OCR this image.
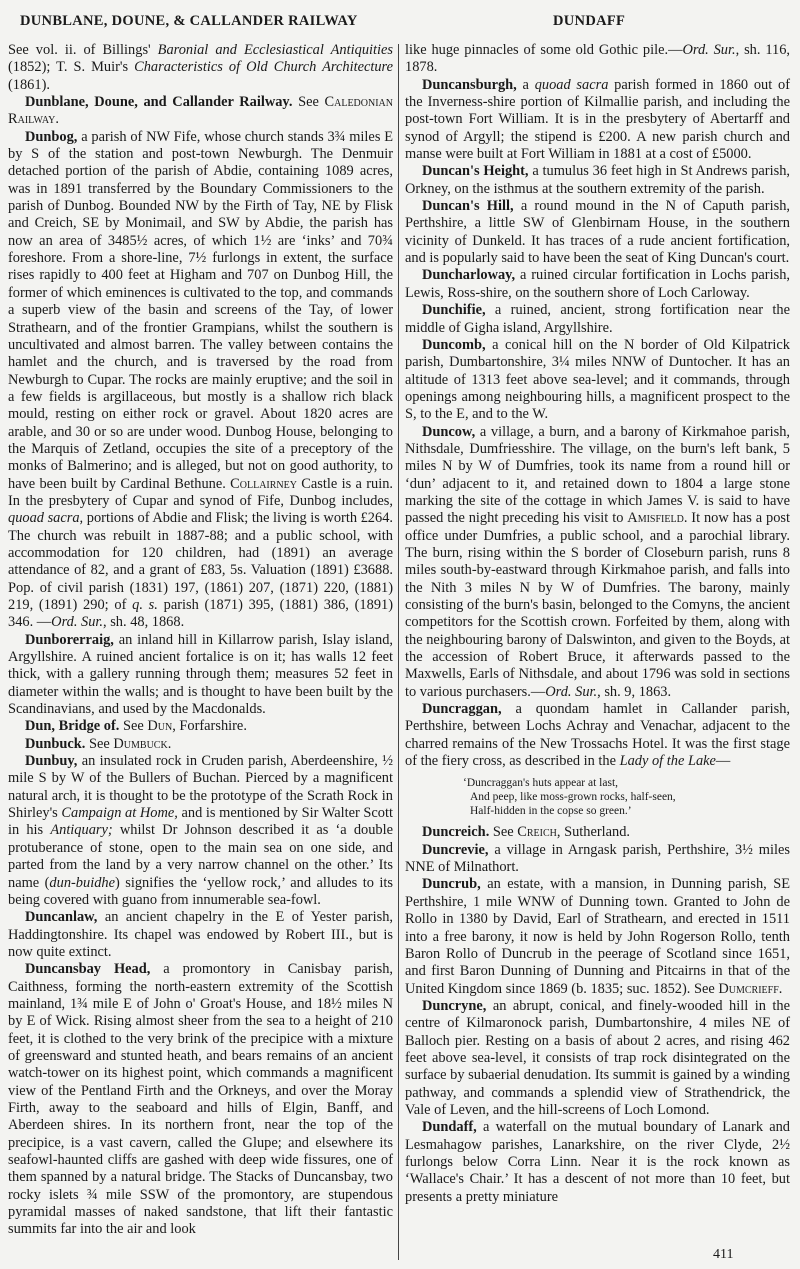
DUNBLANE, DOUNE, & CALLANDER RAILWAY	DUNDAFF

See vol. ii. of Billings' Baronial and Ecclesiastical Antiquities (1852); T. S. Muir's Characteristics of Old Church Architecture (1861).

Dunblane, Doune, and Callander Railway. See Caledonian Railway.

Dunbog, a parish of NW Fife, whose church stands 3¾ miles E by S of the station and post-town Newburgh. The Denmuir detached portion of the parish of Abdie, containing 1089 acres, was in 1891 transferred by the Boundary Commissioners to the parish of Dunbog. Bounded NW by the Firth of Tay, NE by Flisk and Creich, SE by Monimail, and SW by Abdie, the parish has now an area of 3485½ acres, of which 1½ are ‘inks’ and 70¾ foreshore. From a shore-line, 7½ furlongs in extent, the surface rises rapidly to 400 feet at Higham and 707 on Dunbog Hill, the former of which eminences is cultivated to the top, and commands a superb view of the basin and screens of the Tay, of lower Strathearn, and of the frontier Grampians, whilst the southern is uncultivated and almost barren. The valley between contains the hamlet and the church, and is traversed by the road from Newburgh to Cupar. The rocks are mainly eruptive; and the soil in a few fields is argillaceous, but mostly is a shallow rich black mould, resting on either rock or gravel. About 1820 acres are arable, and 30 or so are under wood. Dunbog House, belonging to the Marquis of Zetland, occupies the site of a preceptory of the monks of Balmerino; and is alleged, but not on good authority, to have been built by Cardinal Bethune. Collairney Castle is a ruin. In the presbytery of Cupar and synod of Fife, Dunbog includes, quoad sacra, portions of Abdie and Flisk; the living is worth £264. The church was rebuilt in 1887-88; and a public school, with accommodation for 120 children, had (1891) an average attendance of 82, and a grant of £83, 5s. Valuation (1891) £3688. Pop. of civil parish (1831) 197, (1861) 207, (1871) 220, (1881) 219, (1891) 290; of q. s. parish (1871) 395, (1881) 386, (1891) 346. —Ord. Sur., sh. 48, 1868.

Dunborerraig, an inland hill in Killarrow parish, Islay island, Argyllshire. A ruined ancient fortalice is on it; has walls 12 feet thick, with a gallery running through them; measures 52 feet in diameter within the walls; and is thought to have been built by the Scandinavians, and used by the Macdonalds.

Dun, Bridge of. See Dun, Forfarshire.

Dunbuck. See Dumbuck.

Dunbuy, an insulated rock in Cruden parish, Aberdeenshire, ½ mile S by W of the Bullers of Buchan. Pierced by a magnificent natural arch, it is thought to be the prototype of the Scrath Rock in Shirley's Campaign at Home, and is mentioned by Sir Walter Scott in his Antiquary; whilst Dr Johnson described it as ‘a double protuberance of stone, open to the main sea on one side, and parted from the land by a very narrow channel on the other.’ Its name (dun-buidhe) signifies the ‘yellow rock,’ and alludes to its being covered with guano from innumerable sea-fowl.

Duncanlaw, an ancient chapelry in the E of Yester parish, Haddingtonshire. Its chapel was endowed by Robert III., but is now quite extinct.

Duncansbay Head, a promontory in Canisbay parish, Caithness, forming the north-eastern extremity of the Scottish mainland, 1¾ mile E of John o' Groat's House, and 18½ miles N by E of Wick. Rising almost sheer from the sea to a height of 210 feet, it is clothed to the very brink of the precipice with a mixture of greensward and stunted heath, and bears remains of an ancient watch-tower on its highest point, which commands a magnificent view of the Pentland Firth and the Orkneys, and over the Moray Firth, away to the seaboard and hills of Elgin, Banff, and Aberdeen shires. In its northern front, near the top of the precipice, is a vast cavern, called the Glupe; and elsewhere its seafowl-haunted cliffs are gashed with deep wide fissures, one of them spanned by a natural bridge. The Stacks of Duncansbay, two rocky islets ¾ mile SSW of the promontory, are stupendous pyramidal masses of naked sandstone, that lift their fantastic summits far into the air and look

like huge pinnacles of some old Gothic pile.—Ord. Sur., sh. 116, 1878.

Duncansburgh, a quoad sacra parish formed in 1860 out of the Inverness-shire portion of Kilmallie parish, and including the post-town Fort William. It is in the presbytery of Abertarff and synod of Argyll; the stipend is £200. A new parish church and manse were built at Fort William in 1881 at a cost of £5000.

Duncan's Height, a tumulus 36 feet high in St Andrews parish, Orkney, on the isthmus at the southern extremity of the parish.

Duncan's Hill, a round mound in the N of Caputh parish, Perthshire, a little SW of Glenbirnam House, in the southern vicinity of Dunkeld. It has traces of a rude ancient fortification, and is popularly said to have been the seat of King Duncan's court.

Duncharloway, a ruined circular fortification in Lochs parish, Lewis, Ross-shire, on the southern shore of Loch Carloway.

Dunchifie, a ruined, ancient, strong fortification near the middle of Gigha island, Argyllshire.

Duncomb, a conical hill on the N border of Old Kilpatrick parish, Dumbartonshire, 3¼ miles NNW of Duntocher. It has an altitude of 1313 feet above sea-level; and it commands, through openings among neighbouring hills, a magnificent prospect to the S, to the E, and to the W.

Duncow, a village, a burn, and a barony of Kirkmahoe parish, Nithsdale, Dumfriesshire. The village, on the burn's left bank, 5 miles N by W of Dumfries, took its name from a round hill or ‘dun’ adjacent to it, and retained down to 1804 a large stone marking the site of the cottage in which James V. is said to have passed the night preceding his visit to Amisfield. It now has a post office under Dumfries, a public school, and a parochial library. The burn, rising within the S border of Closeburn parish, runs 8 miles south-by-eastward through Kirkmahoe parish, and falls into the Nith 3 miles N by W of Dumfries. The barony, mainly consisting of the burn's basin, belonged to the Comyns, the ancient competitors for the Scottish crown. Forfeited by them, along with the neighbouring barony of Dalswinton, and given to the Boyds, at the accession of Robert Bruce, it afterwards passed to the Maxwells, Earls of Nithsdale, and about 1796 was sold in sections to various purchasers.—Ord. Sur., sh. 9, 1863.

Duncraggan, a quondam hamlet in Callander parish, Perthshire, between Lochs Achray and Venachar, adjacent to the charred remains of the New Trossachs Hotel. It was the first stage of the fiery cross, as described in the Lady of the Lake—

‘Duncraggan's huts appear at last,
And peep, like moss-grown rocks, half-seen,
Half-hidden in the copse so green.’

Duncreich. See Creich, Sutherland.

Duncrevie, a village in Arngask parish, Perthshire, 3½ miles NNE of Milnathort.

Duncrub, an estate, with a mansion, in Dunning parish, SE Perthshire, 1 mile WNW of Dunning town. Granted to John de Rollo in 1380 by David, Earl of Strathearn, and erected in 1511 into a free barony, it now is held by John Rogerson Rollo, tenth Baron Rollo of Duncrub in the peerage of Scotland since 1651, and first Baron Dunning of Dunning and Pitcairns in that of the United Kingdom since 1869 (b. 1835; suc. 1852). See Dumcrieff.

Duncryne, an abrupt, conical, and finely-wooded hill in the centre of Kilmaronock parish, Dumbartonshire, 4 miles NE of Balloch pier. Resting on a basis of about 2 acres, and rising 462 feet above sea-level, it consists of trap rock disintegrated on the surface by subaerial denudation. Its summit is gained by a winding pathway, and commands a splendid view of Strathendrick, the Vale of Leven, and the hill-screens of Loch Lomond.

Dundaff, a waterfall on the mutual boundary of Lanark and Lesmahagow parishes, Lanarkshire, on the river Clyde, 2½ furlongs below Corra Linn. Near it is the rock known as ‘Wallace's Chair.’ It has a descent of not more than 10 feet, but presents a pretty miniature

411
